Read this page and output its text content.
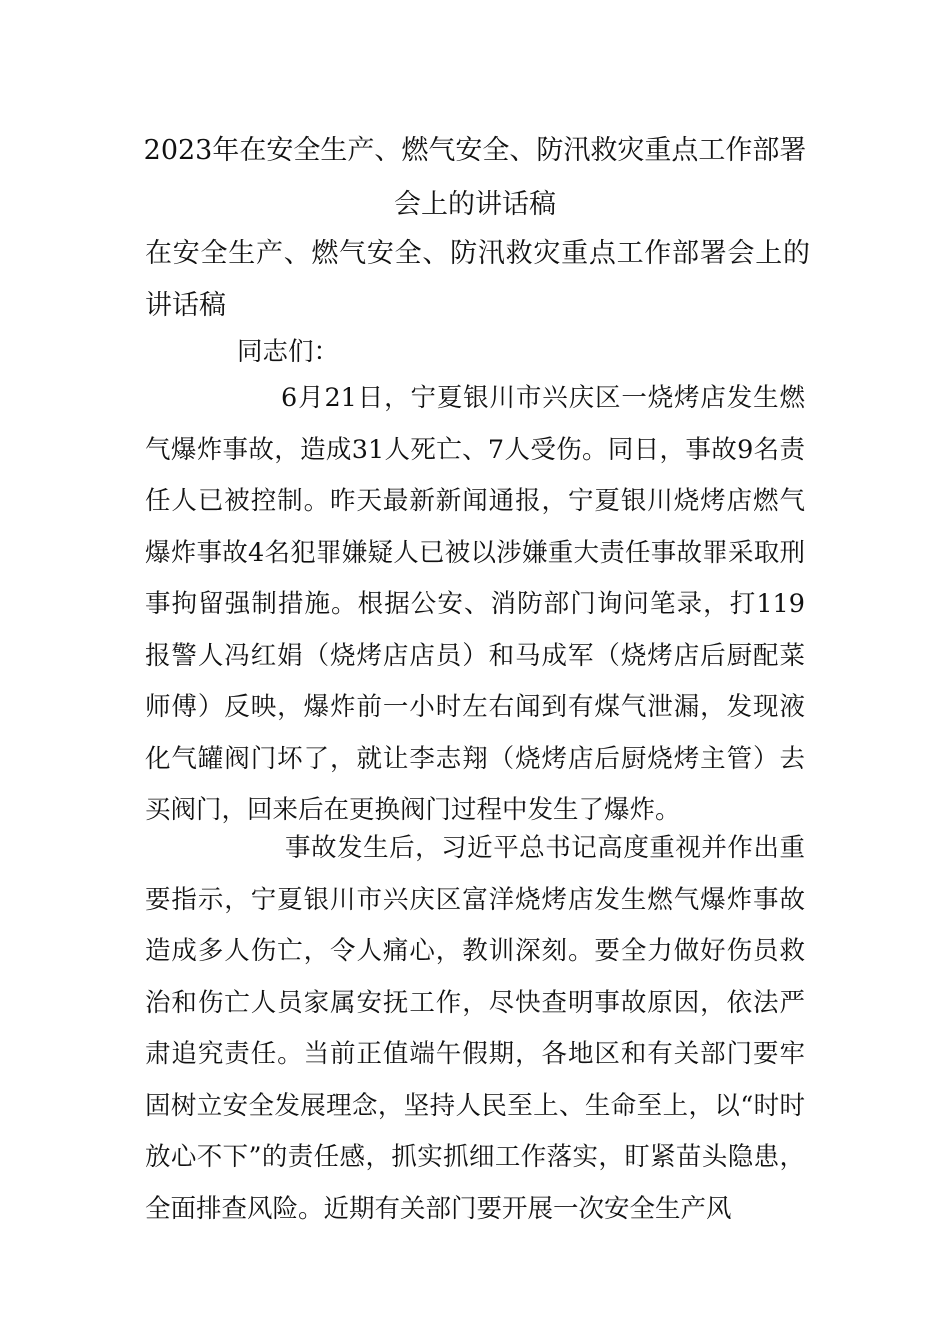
2023年在安全生产、燃气安全、防汛救灾重点工作部署会上的讲话稿

在安全生产、燃气安全、防汛救灾重点工作部署会上的讲话稿

同志们：

6月21日，宁夏银川市兴庆区一烧烤店发生燃气爆炸事故，造成31人死亡、7人受伤。同日，事故9名责任人已被控制。昨天最新新闻通报，宁夏银川烧烤店燃气爆炸事故4名犯罪嫌疑人已被以涉嫌重大责任事故罪采取刑事拘留强制措施。根据公安、消防部门询问笔录，打119报警人冯红娟（烧烤店店员）和马成军（烧烤店后厨配菜师傅）反映，爆炸前一小时左右闻到有煤气泄漏，发现液化气罐阀门坏了，就让李志翔（烧烤店后厨烧烤主管）去买阀门，回来后在更换阀门过程中发生了爆炸。

事故发生后，习近平总书记高度重视并作出重要指示，宁夏银川市兴庆区富洋烧烤店发生燃气爆炸事故造成多人伤亡，令人痛心，教训深刻。要全力做好伤员救治和伤亡人员家属安抚工作，尽快查明事故原因，依法严肃追究责任。当前正值端午假期，各地区和有关部门要牢固树立安全发展理念，坚持人民至上、生命至上，以“时时放心不下”的责任感，抓实抓细工作落实，盯紧苗头隐患，全面排查风险。近期有关部门要开展一次安全生产风
